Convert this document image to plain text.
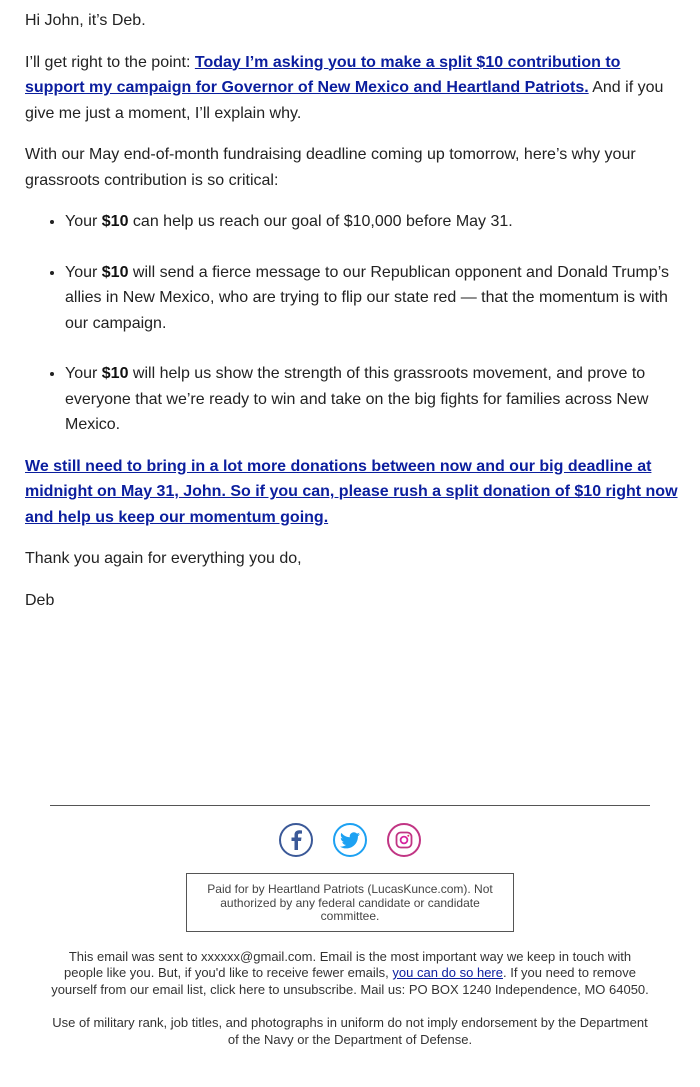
Hi John, it’s Deb.

I’ll get right to the point: Today I’m asking you to make a split $10 contribution to support my campaign for Governor of New Mexico and Heartland Patriots. And if you give me just a moment, I’ll explain why.

With our May end-of-month fundraising deadline coming up tomorrow, here’s why your grassroots contribution is so critical:

• Your $10 can help us reach our goal of $10,000 before May 31.
• Your $10 will send a fierce message to our Republican opponent and Donald Trump’s allies in New Mexico, who are trying to flip our state red — that the momentum is with our campaign.
• Your $10 will help us show the strength of this grassroots movement, and prove to everyone that we’re ready to win and take on the big fights for families across New Mexico.

We still need to bring in a lot more donations between now and our big deadline at midnight on May 31, John. So if you can, please rush a split donation of $10 right now and help us keep our momentum going.

Thank you again for everything you do,

Deb

Paid for by Heartland Patriots (LucasKunce.com). Not authorized by any federal candidate or candidate committee.
This email was sent to xxxxxx@gmail.com. Email is the most important way we keep in touch with people like you. But, if you'd like to receive fewer emails, you can do so here. If you need to remove yourself from our email list, click here to unsubscribe. Mail us: PO BOX 1240 Independence, MO 64050.
Use of military rank, job titles, and photographs in uniform do not imply endorsement by the Department of the Navy or the Department of Defense.
